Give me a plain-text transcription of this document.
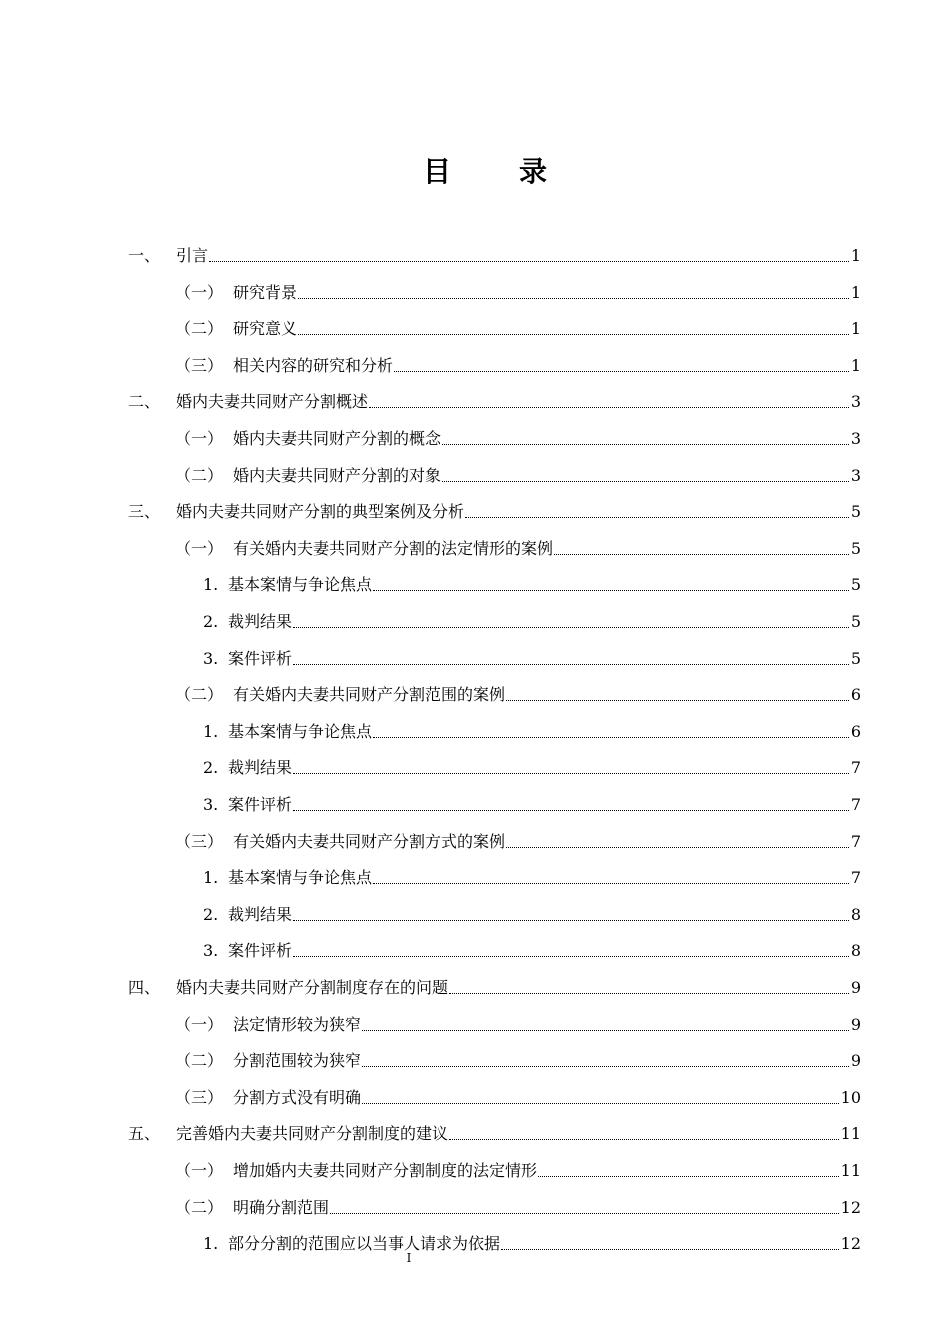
目　录
一、 引言	1
（一） 研究背景	1
（二） 研究意义	1
（三） 相关内容的研究和分析	1
二、 婚内夫妻共同财产分割概述	3
（一） 婚内夫妻共同财产分割的概念	3
（二） 婚内夫妻共同财产分割的对象	3
三、 婚内夫妻共同财产分割的典型案例及分析	5
（一） 有关婚内夫妻共同财产分割的法定情形的案例	5
1. 基本案情与争论焦点	5
2. 裁判结果	5
3. 案件评析	5
（二） 有关婚内夫妻共同财产分割范围的案例	6
1. 基本案情与争论焦点	6
2. 裁判结果	7
3. 案件评析	7
（三） 有关婚内夫妻共同财产分割方式的案例	7
1. 基本案情与争论焦点	7
2. 裁判结果	8
3. 案件评析	8
四、 婚内夫妻共同财产分割制度存在的问题	9
（一） 法定情形较为狭窄	9
（二） 分割范围较为狭窄	9
（三） 分割方式没有明确	10
五、 完善婚内夫妻共同财产分割制度的建议	11
（一） 增加婚内夫妻共同财产分割制度的法定情形	11
（二） 明确分割范围	12
1. 部分分割的范围应以当事人请求为依据	12
I
